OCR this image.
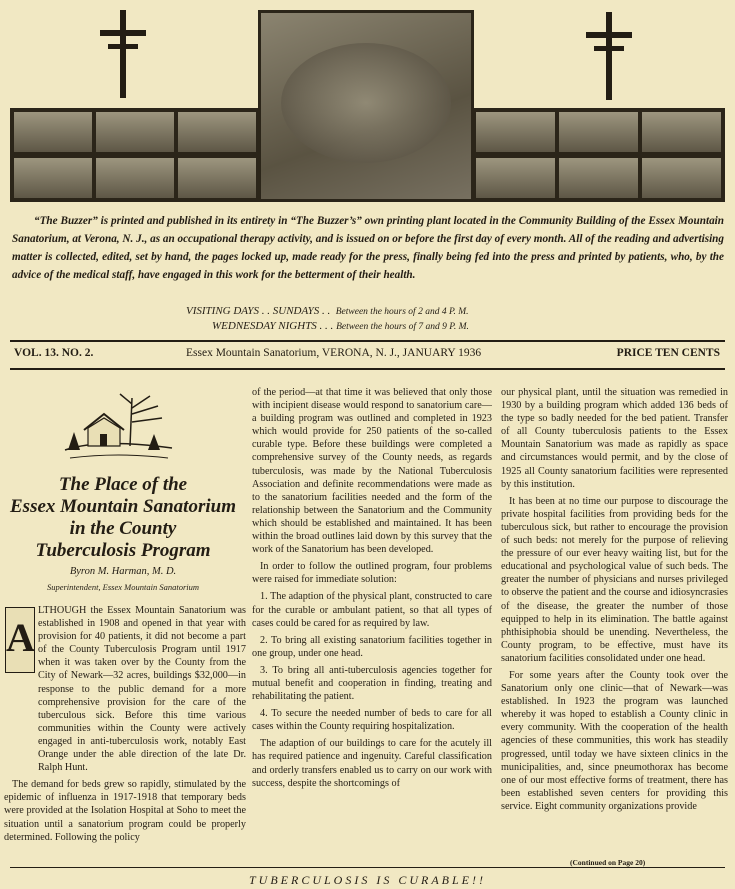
“The Buzzer” is printed and published in its entirety in “The Buzzer’s” own printing plant located in the Community Building of the Essex Mountain Sanatorium, at Verona, N. J., as an occupational therapy activity, and is issued on or before the first day of every month. All of the reading and advertising matter is collected, edited, set by hand, the pages locked up, made ready for the press, finally being fed into the press and printed by patients, who, by the advice of the medical staff, have engaged in this work for the betterment of their health.

VISITING DAYS . . SUNDAYS . . Between the hours of 2 and 4 P. M.
WEDNESDAY NIGHTS . . . Between the hours of 7 and 9 P. M.
VOL. 13. NO. 2.	Essex Mountain Sanatorium, VERONA, N. J., JANUARY 1936	PRICE TEN CENTS
The Place of the
Essex Mountain Sanatorium
in the County
Tuberculosis Program
Byron M. Harman, M. D.
Superintendent, Essex Mountain Sanatorium
A

LTHOUGH the Essex Mountain Sanatorium was established in 1908 and opened in that year with provision for 40 patients, it did not become a part of the County Tuberculosis Program until 1917 when it was taken over by the County from the City of Newark—32 acres, buildings $32,000—in response to the public demand for a more comprehensive provision for the care of the tuberculous sick. Before this time various communities within the County were actively engaged in anti-tuberculosis work, notably East Orange under the able direction of the late Dr. Ralph Hunt.

The demand for beds grew so rapidly, stimulated by the epidemic of influenza in 1917-1918 that temporary beds were provided at the Isolation Hospital at Soho to meet the situation until a sanatorium program could be properly determined. Following the policy

of the period—at that time it was believed that only those with incipient disease would respond to sanatorium care—a building program was outlined and completed in 1923 which would provide for 250 patients of the so-called curable type. Before these buildings were completed a comprehensive survey of the County needs, as regards tuberculosis, was made by the National Tuberculosis Association and definite recommendations were made as to the sanatorium facilities needed and the form of the relationship between the Sanatorium and the Community which should be established and maintained. It has been within the broad outlines laid down by this survey that the work of the Sanatorium has been developed.

In order to follow the outlined program, four problems were raised for immediate solution:

1. The adaption of the physical plant, constructed to care for the curable or ambulant patient, so that all types of cases could be cared for as required by law.

2. To bring all existing sanatorium facilities together in one group, under one head.

3. To bring all anti-tuberculosis agencies together for mutual benefit and cooperation in finding, treating and rehabilitating the patient.

4. To secure the needed number of beds to care for all cases within the County requiring hospitalization.

The adaption of our buildings to care for the acutely ill has required patience and ingenuity. Careful classification and orderly transfers enabled us to carry on our work with success, despite the shortcomings of

our physical plant, until the situation was remedied in 1930 by a building program which added 136 beds of the type so badly needed for the bed patient. Transfer of all County tuberculosis patients to the Essex Mountain Sanatorium was made as rapidly as space and circumstances would permit, and by the close of 1925 all County sanatorium facilities were represented by this institution.

It has been at no time our purpose to discourage the private hospital facilities from providing beds for the tuberculous sick, but rather to encourage the provision of such beds: not merely for the purpose of relieving the pressure of our ever heavy waiting list, but for the educational and psychological value of such beds. The greater the number of physicians and nurses privileged to observe the patient and the course and idiosyncrasies of the disease, the greater the number of those equipped to help in its elimination. The battle against phthisiphobia should be unending. Nevertheless, the County program, to be effective, must have its sanatorium facilities consolidated under one head.

For some years after the County took over the Sanatorium only one clinic—that of Newark—was established. In 1923 the program was launched whereby it was hoped to establish a County clinic in every community. With the cooperation of the health agencies of these communities, this work has steadily progressed, until today we have sixteen clinics in the municipalities, and, since pneumothorax has become one of our most effective forms of treatment, there has been established seven centers for providing this service. Eight community organizations provide

(Continued on Page 20)
TUBERCULOSIS IS CURABLE!!
